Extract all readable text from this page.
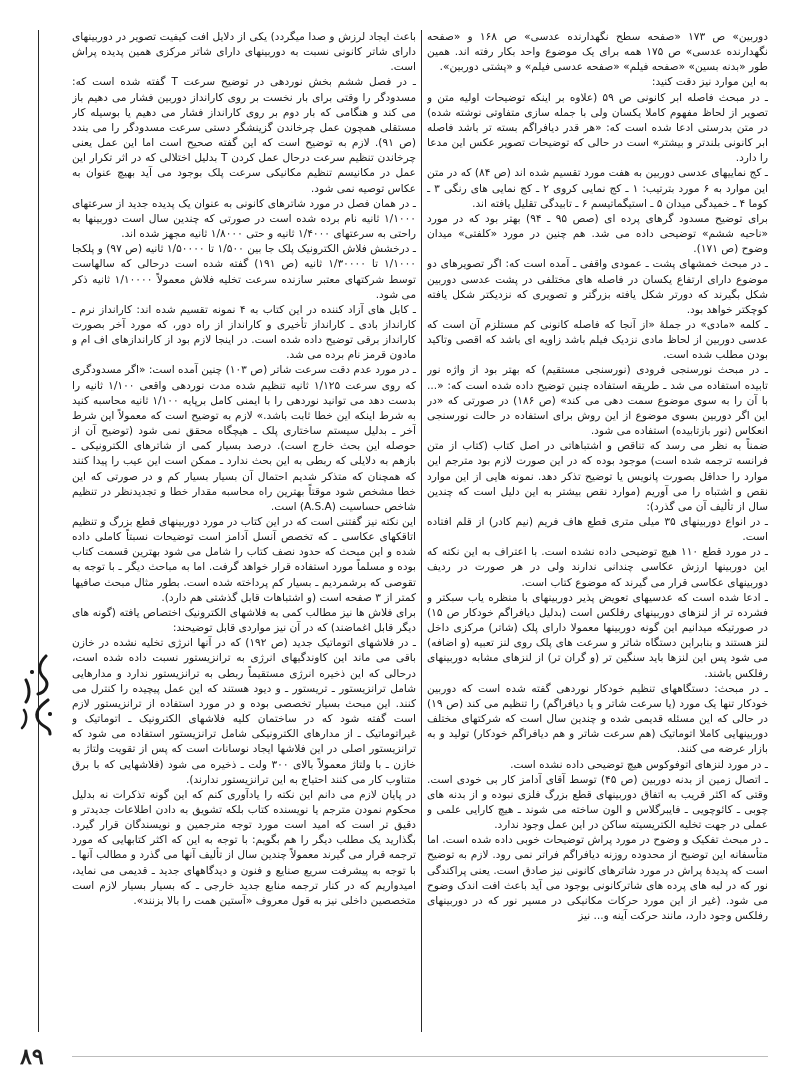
دوربین» ص ۱۷۳ «صفحه سطح نگهدارنده عدسی» ص ۱۶۸ و «صفحه نگهدارنده عدسی» ص ۱۷۵ همه برای یک موضوع واحد بکار رفته اند. همین طور «بدنه بسین» «صفحه فیلم» «صفحه عدسی فیلم» و «پشتی دوربین».

به این موارد نیز دقت کنید:

ـ در مبحث فاصله ابر کانونی ص ۵۹ (علاوه بر اینکه توضیحات اولیه متن و تصویر از لحاظ مفهوم کاملا یکسان ولی با جمله سازی متفاوتی نوشته شده) در متن بدرستی ادعا شده است که: «هر قدر دیافراگم بسته تر باشد فاصله ابر کانونی بلندتر و بیشتر» است در حالی که توضیحات تصویر عکس این مدعا را دارد.

ـ کج نماییهای عدسی دوربین به هفت مورد تقسیم شده اند (ص ۸۴) که در متن این موارد به ۶ مورد بترتیب: ۱ ـ کج نمایی کروی ۲ ـ کج نمایی های رنگی ۳ ـ کوما ۴ ـ خمیدگی میدان ۵ ـ استیگماتیسم ۶ ـ تابیدگی تقلیل یافته اند.

برای توضیح مسدود گرهای پرده ای (صص ۹۵ ـ ۹۴) بهتر بود که در مورد «ناحیه ششم» توضیحی داده می شد. هم چنین در مورد «کلفتی» میدان وضوح (ص ۱۷۱).

ـ در مبحث خمشهای پشت ـ عمودی واقفی ـ آمده است که: اگر تصویرهای دو موضوع دارای ارتفاع یکسان در فاصله های مختلفی در پشت عدسی دوربین شکل بگیرند که دورتر شکل یافته بزرگتر و تصویری که نزدیکتر شکل یافته کوچکتر خواهد بود.

ـ کلمه «مادی» در جملهٔ «از آنجا که فاصله کانونی کم مستلزم آن است که عدسی دوربین از لحاظ مادی نزدیک فیلم باشد زاویه ای باشد که اقصی وتاكید بودن مطلب شده است.

ـ در مبحث نورسنجی فرودی (نورسنجی مستقیم) که بهتر بود از واژه نور تابیده استفاده می شد ـ طریقه استفاده چنین توضیح داده شده است که: «... با آن را به سوی موضوع سمت دهی می کند» (ص ۱۸۶) در صورتی که «در این اگر دوربین بسوی موضوع از این روش برای استفاده در حالت نورسنجی انعکاس (نور بازتابیده) استفاده می شود.

ضمناً به نظر می رسد که تناقص و اشتباهاتی در اصل کتاب (کتاب از متن فرانسه ترجمه شده است) موجود بوده که در این صورت لازم بود مترجم این موارد را حداقل بصورت پانویس یا توضیح تذکر دهد. نمونه هایی از این موارد نقص و اشتباه را می آوریم (موارد نقص بیشتر به این دلیل است که چندین سال از تألیف آن می گذرد):

ـ در انواع دوربینهای ۳۵ میلی متری قطع هاف فریم (نیم کادر) از قلم افتاده است.

ـ در مورد قطع ۱۱۰ هیچ توضیحی داده نشده است. با اعتراف به این نکته که این دوربینها ارزش عکاسی چندانی ندارند ولی در هر صورت در ردیف دوربینهای عکاسی قرار می گیرند که موضوع کتاب است.

ـ ادعا شده است که عدسیهای تعویض پذیر دوربینهای با منظره یاب سبکتر و فشرده تر از لنزهای دوربینهای رفلکس است (بدلیل دیافراگم خودکار ص ۱۵) در صورتیکه میدانیم این گونه دوربینها معمولا دارای پلک (شاتر) مرکزی داخل لنز هستند و بنابراین دستگاه شاتر و سرعت های پلک روی لنز تعبیه (و اضافه) می شود پس این لنزها باید سنگین تر (و گران تر) از لنزهای مشابه دوربینهای رفلکس باشند.

ـ در مبحث: دستگاههای تنظیم خودکار نوردهی گفته شده است که دوربین خودکار تنها یک مورد (یا سرعت شاتر و یا دیافراگم) را تنظیم می کند (ص ۱۹) در حالی که این مسئله قدیمی شده و چندین سال است که شرکتهای مختلف دوربینهایی کاملا اتوماتیک (هم سرعت شاتر و هم دیافراگم خودکار) تولید و به بازار عرضه می کنند.

ـ در مورد لنزهای اتوفوکوس هیچ توضیحی داده نشده است.

ـ اتصال زمین از بدنه دوربین (ص ۴۵) توسط آقای آدامز کار بی خودی است. وقتی که اکثر قریب به اتفاق دوربینهای قطع بزرگ فلزی نبوده و از بدنه های چوبی ـ کائوچویی ـ فایبرگلاس و الون ساخته می شوند ـ هیچ کارایی علمی و عملی در جهت تخلیه الکتریسیته ساکن در این عمل وجود ندارد.

ـ در مبحث تفکیک و وضوح در مورد پراش توضیحات خوبی داده شده است. اما متأسفانه این توضیح از محدوده روزنه دیافراگم فراتر نمی رود. لازم به توضیح است که پدیدهٔ پراش در مورد شاترهای کانونی نیز صادق است. یعنی پراکندگی نور که در لبه های پرده های شاترکانونی بوجود می آید باعث افت اندک وضوح می شود. (غیر از این مورد حرکات مکانیکی در مسیر نور که در دوربینهای رفلکس وجود دارد، مانند حرکت آینه و... نیز

باعث ایجاد لرزش و صدا میگردد) یکی از دلایل افت کیفیت تصویر در دوربینهای دارای شاتر کانونی نسبت به دوربینهای دارای شاتر مرکزی همین پدیده پراش است.

ـ در فصل ششم بخش نوردهی در توضیح سرعت T گفته شده است که: مسدودگر را وقتی برای بار نخست بر روی کارانداز دوربین فشار می دهیم باز می کند و هنگامی که بار دوم بر روی کارانداز فشار می دهیم یا بوسیله کار مستقلی همچون عمل چرخاندن گزینشگر دستی سرعت مسدودگر را می بندد (ص ۹۱). لازم به توضیح است که این گفته صحیح است اما این عمل یعنی چرخاندن تنظیم سرعت درحال عمل کردن T بدلیل اختلالی که در اثر تکرار این عمل در مکانیسم تنظیم مکانیکی سرعت پلک بوجود می آید بهیچ عنوان به عکاس توصیه نمی شود.

ـ در همان فصل در مورد شاترهای کانونی به عنوان یک پدیده جدید از سرعتهای ۱/۱۰۰۰ ثانیه نام برده شده است در صورتی که چندین سال است دوربینها به راحتی به سرعتهای ۱/۴۰۰۰ ثانیه و حتی ۱/۸۰۰۰ ثانیه مجهز شده اند.

ـ درخشش فلاش الکترونیک پلک جا بین ۱/۵۰۰ تا ۱/۵۰۰۰۰ ثانیه (ص ۹۷) و پلکجا ۱/۱۰۰۰ تا ۱/۳۰۰۰۰ ثانیه (ص ۱۹۱) گفته شده است درحالی که سالهاست توسط شرکتهای معتبر سازنده سرعت تخلیه فلاش معمولاً ۱/۱۰۰۰۰ ثانیه ذکر می شود.

ـ کابل های آزاد کننده در این کتاب به ۴ نمونه تقسیم شده اند: کارانداز نرم ـ کارانداز بادی ـ کارانداز تأخیری و کارانداز از راه دور، که مورد آخر بصورت کارانداز برقی توضیح داده شده است. در اینجا لازم بود از کاراندازهای اف ام و مادون قرمز نام برده می شد.

ـ در مورد عدم دقت سرعت شاتر (ص ۱۰۳) چنین آمده است: «اگر مسدودگری که روی سرعت ۱/۱۲۵ ثانیه تنظیم شده مدت نوردهی واقعی ۱/۱۰۰ ثانیه را بدست دهد می توانید نوردهی را با ایمنی کامل برپایه ۱/۱۰۰ ثانیه محاسبه کنید به شرط اینکه این خطا ثابت باشد.» لازم به توضیح است که معمولاً این شرط آخر ـ بدلیل سیستم ساختاری پلک ـ هیچگاه محقق نمی شود (توضیح آن از حوصله این بحث خارج است). درصد بسیار کمی از شاترهای الکترونیکی ـ بازهم به دلایلی که ربطی به این بحث ندارد ـ ممکن است این عیب را پیدا کنند که همچنان که متذکر شدیم احتمال آن بسیار بسیار کم و در صورتی که این خطا مشخص شود موقتاً بهترین راه محاسبه مقدار خطا و تجدیدنظر در تنظیم شاخص حساسیت (A.S.A) است.

این نکته نیز گفتنی است که در این کتاب در مورد دوربینهای قطع بزرگ و تنظیم اتاقکهای عکاسی ـ که تخصص آنسل آدامز است توضیحات نسبتاً کاملی داده شده و این مبحث که حدود نصف کتاب را شامل می شود بهترین قسمت کتاب بوده و مسلماً مورد استفاده قرار خواهد گرفت. اما به مباحث دیگر ـ با توجه به تقوصی که برشمردیم ـ بسیار کم پرداخته شده است. بطور مثال مبحث صافیها کمتر از ۳ صفحه است (و اشتباهات قابل گذشتی هم دارد).

برای فلاش ها نیز مطالب کمی به فلاشهای الکترونیک اختصاص یافته (گونه های دیگر قابل اغماضند) که در آن نیز مواردی قابل توضیحند:

ـ در فلاشهای اتوماتیک جدید (ص ۱۹۲) که در آنها انرژی تخلیه نشده در خازن باقی می ماند این کاوندگیهای انرژی به ترانزیستور نسبت داده شده است، درحالی که این ذخیره انرژی مستقیماً ربطی به ترانزیستور ندارد و مدارهایی شامل ترانزیستور ـ تریستور ـ و دیود هستند که این عمل پیچیده را کنترل می کنند. این مبحث بسیار تخصصی بوده و در مورد استفاده از ترانزیستور لازم است گفته شود که در ساختمان کلیه فلاشهای الکترونیک ـ اتوماتیک و غیراتوماتیک ـ از مدارهای الکترونیکی شامل ترانزیستور استفاده می شود که ترانزیستور اصلی در این فلاشها ایجاد نوسانات است که پس از تقویت ولتاژ به خازن ـ با ولتاژ معمولاً بالای ۳۰۰ ولت ـ ذخیره می شود (فلاشهایی که با برق متناوب کار می کنند احتیاج به این ترانزیستور ندارند).

در پایان لازم می دانم این نکته را یادآوری کنم که این گونه تذکرات نه بدلیل محکوم نمودن مترجم یا نویسنده کتاب بلکه تشویق به دادن اطلاعات جدیدتر و دقیق تر است که امید است مورد توجه مترجمین و نویسندگان قرار گیرد. بگذارید یک مطلب دیگر را هم بگویم: با توجه به این که اکثر کتابهایی که مورد ترجمه قرار می گیرند معمولاً چندین سال از تألیف آنها می گذرد و مطالب آنها ـ با توجه به پیشرفت سریع صنایع و فنون و دیدگاههای جدید ـ قدیمی می نماید، امیدواریم که در کنار ترجمه منابع جدید خارجی ـ که بسیار بسیار لازم است متخصصین داخلی نیز به قول معروف «آستین همت را بالا بزنند».

۸۹
